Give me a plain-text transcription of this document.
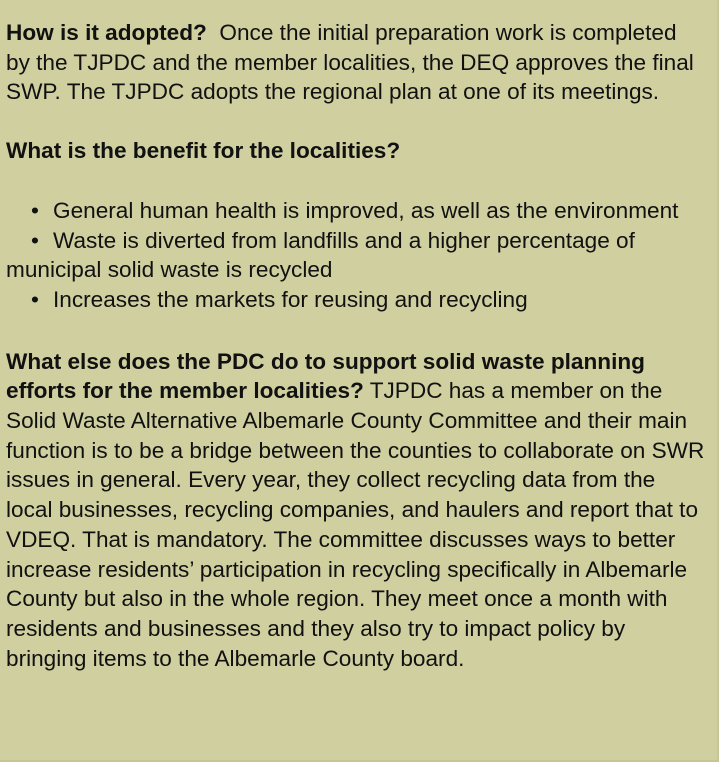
How is it adopted? Once the initial preparation work is completed by the TJPDC and the member localities, the DEQ approves the final SWP. The TJPDC adopts the regional plan at one of its meetings.

What is the benefit for the localities?

• General human health is improved, as well as the environment
• Waste is diverted from landfills and a higher percentage of municipal solid waste is recycled
• Increases the markets for reusing and recycling

What else does the PDC do to support solid waste planning efforts for the member localities? TJPDC has a member on the Solid Waste Alternative Albemarle County Committee and their main function is to be a bridge between the counties to collaborate on SWR issues in general. Every year, they collect recycling data from the local businesses, recycling companies, and haulers and report that to VDEQ. That is mandatory. The committee discusses ways to better increase residents’ participation in recycling specifically in Albemarle County but also in the whole region. They meet once a month with residents and businesses and they also try to impact policy by bringing items to the Albemarle County board.
